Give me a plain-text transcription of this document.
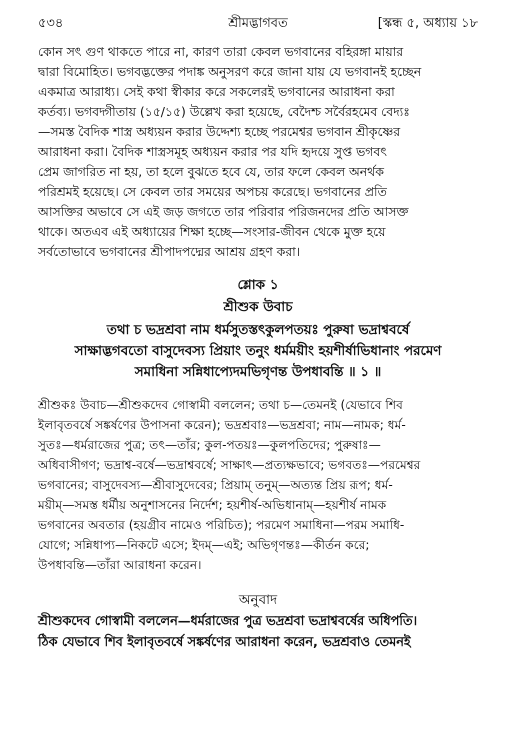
৫৩৪	শ্রীমদ্ভাগবত	[স্কন্ধ ৫, অধ্যায় ১৮

কোন সৎ গুণ থাকতে পারে না, কারণ তারা কেবল ভগবানের বহিরঙ্গা মায়ার

দ্বারা বিমোহিত। ভগবদ্ভক্তের পদাঙ্ক অনুসরণ করে জানা যায় যে ভগবানই হচ্ছেন

একমাত্র আরাধ্য। সেই কথা স্বীকার করে সকলেরই ভগবানের আরাধনা করা

কর্তব্য। ভগবদ্গীতায় (১৫/১৫) উল্লেখ করা হয়েছে, বেদৈশ্চ সর্বৈরহমেব বেদ্যঃ

—সমস্ত বৈদিক শাস্ত্র অধ্যয়ন করার উদ্দেশ্য হচ্ছে পরমেশ্বর ভগবান শ্রীকৃষ্ণের

আরাধনা করা। বৈদিক শাস্ত্রসমূহ অধ্যয়ন করার পর যদি হৃদয়ে সুপ্ত ভগবৎ

প্রেম জাগরিত না হয়, তা হলে বুঝতে হবে যে, তার ফলে কেবল অনর্থক

পরিশ্রমই হয়েছে। সে কেবল তার সময়ের অপচয় করেছে। ভগবানের প্রতি

আসক্তির অভাবে সে এই জড় জগতে তার পরিবার পরিজনদের প্রতি আসক্ত

থাকে। অতএব এই অধ্যায়ের শিক্ষা হচ্ছে—সংসার-জীবন থেকে মুক্ত হয়ে

সর্বতোভাবে ভগবানের শ্রীপাদপদ্মের আশ্রয় গ্রহণ করা।

শ্লোক ১
শ্রীশুক উবাচ
তথা চ ভদ্রশ্রবা নাম ধর্মসুতস্তৎকুলপতয়ঃ পুরুষা ভদ্রাশ্ববর্ষে
সাক্ষাদ্ভগবতো বাসুদেবস্য প্রিয়াং তনুং ধর্মময়ীং হয়শীর্ষাভিধানাং পরমেণ
সমাধিনা সন্নিধাপ্যেদমভিগৃণন্ত উপধাবন্তি ॥ ১ ॥

শ্রীশুকঃ উবাচ—শ্রীশুকদেব গোস্বামী বললেন; তথা চ—তেমনই (যেভাবে শিব

ইলাবৃতবর্ষে সঙ্কর্ষণের উপাসনা করেন); ভদ্রশ্রবাঃ—ভদ্রশ্রবা; নাম—নামক; ধর্ম-

সুতঃ—ধর্মরাজের পুত্র; তৎ—তাঁর; কুল-পতয়ঃ—কুলপতিদের; পুরুষাঃ—

অধিবাসীগণ; ভদ্রাশ্ব-বর্ষে—ভদ্রাশ্ববর্ষে; সাক্ষাৎ—প্রত্যক্ষভাবে; ভগবতঃ—পরমেশ্বর

ভগবানের; বাসুদেবস্য—শ্রীবাসুদেবের; প্রিয়াম্ তনুম্—অত্যন্ত প্রিয় রূপ; ধর্ম-

ময়ীম্—সমস্ত ধর্মীয় অনুশাসনের নির্দেশ; হয়শীর্ষ-অভিধানাম্—হয়শীর্ষ নামক

ভগবানের অবতার (হয়গ্রীব নামেও পরিচিত); পরমেণ সমাধিনা—পরম সমাধি-

যোগে; সন্নিধাপ্য—নিকটে এসে; ইদম্—এই; অভিগৃণন্তঃ—কীর্তন করে;

উপধাবন্তি—তাঁরা আরাধনা করেন।

অনুবাদ

শ্রীশুকদেব গোস্বামী বললেন—ধর্মরাজের পুত্র ভদ্রশ্রবা ভদ্রাশ্ববর্ষের অধিপতি।

ঠিক যেভাবে শিব ইলাবৃতবর্ষে সঙ্কর্ষণের আরাধনা করেন, ভদ্রশ্রবাও তেমনই
